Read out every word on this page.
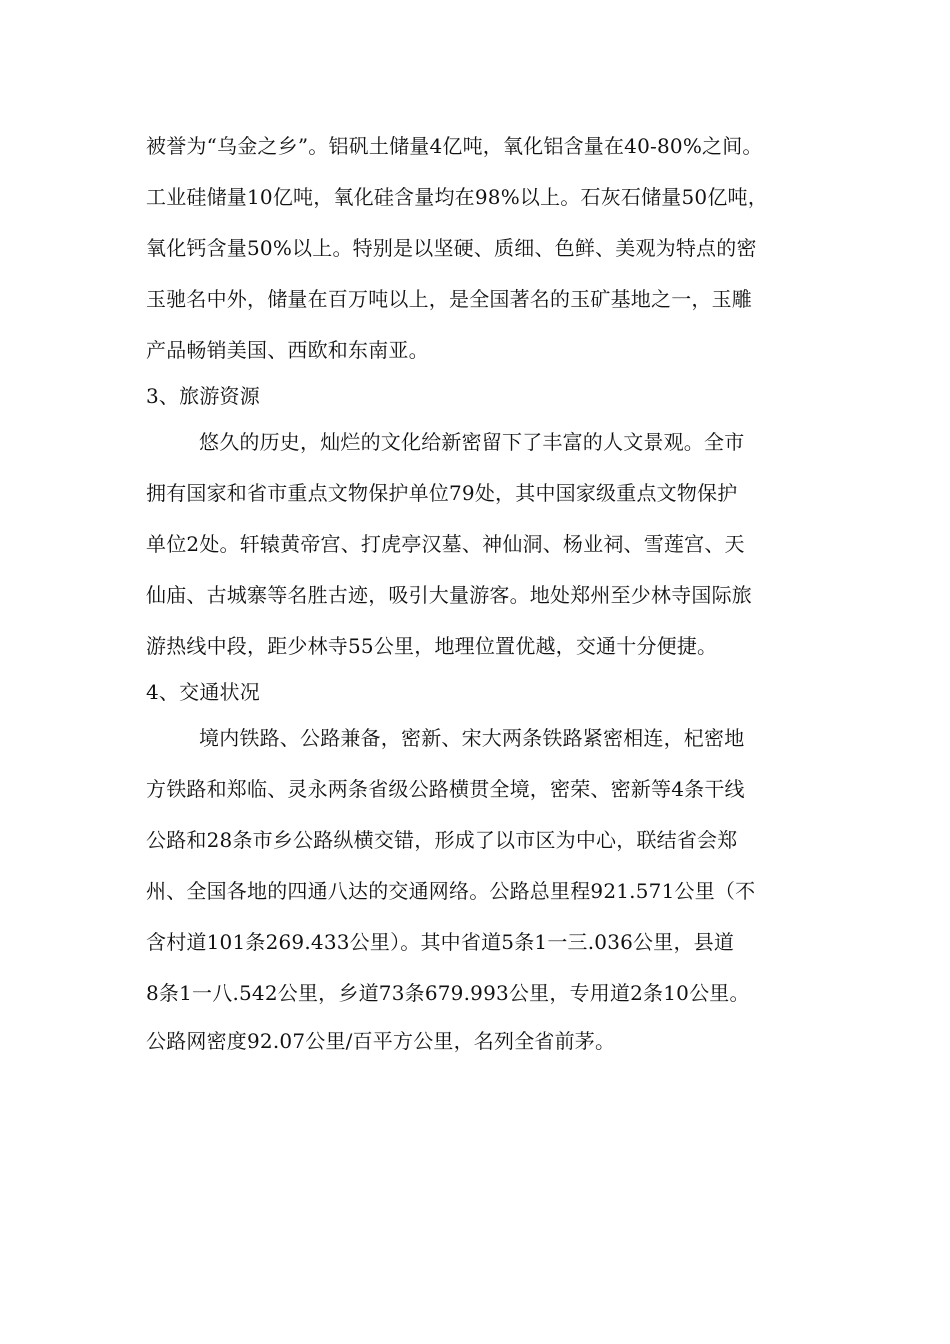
被誉为“乌金之乡”。铝矾土储量4亿吨，氧化铝含量在40-80%之间。
工业硅储量10亿吨，氧化硅含量均在98%以上。石灰石储量50亿吨，
氧化钙含量50%以上。特别是以坚硬、质细、色鲜、美观为特点的密
玉驰名中外，储量在百万吨以上，是全国著名的玉矿基地之一，玉雕
产品畅销美国、西欧和东南亚。
3、旅游资源
悠久的历史，灿烂的文化给新密留下了丰富的人文景观。全市
拥有国家和省市重点文物保护单位79处，其中国家级重点文物保护
单位2处。轩辕黄帝宫、打虎亭汉墓、神仙洞、杨业祠、雪莲宫、天
仙庙、古城寨等名胜古迹，吸引大量游客。地处郑州至少林寺国际旅
游热线中段，距少林寺55公里，地理位置优越，交通十分便捷。
4、交通状况
境内铁路、公路兼备，密新、宋大两条铁路紧密相连，杞密地
方铁路和郑临、灵永两条省级公路横贯全境，密荣、密新等4条干线
公路和28条市乡公路纵横交错，形成了以市区为中心，联结省会郑
州、全国各地的四通八达的交通网络。公路总里程921.571公里（不
含村道101条269.433公里）。其中省道5条1一三.036公里，县道
8条1一八.542公里，乡道73条679.993公里，专用道2条10公里。
公路网密度92.07公里/百平方公里，名列全省前茅。
